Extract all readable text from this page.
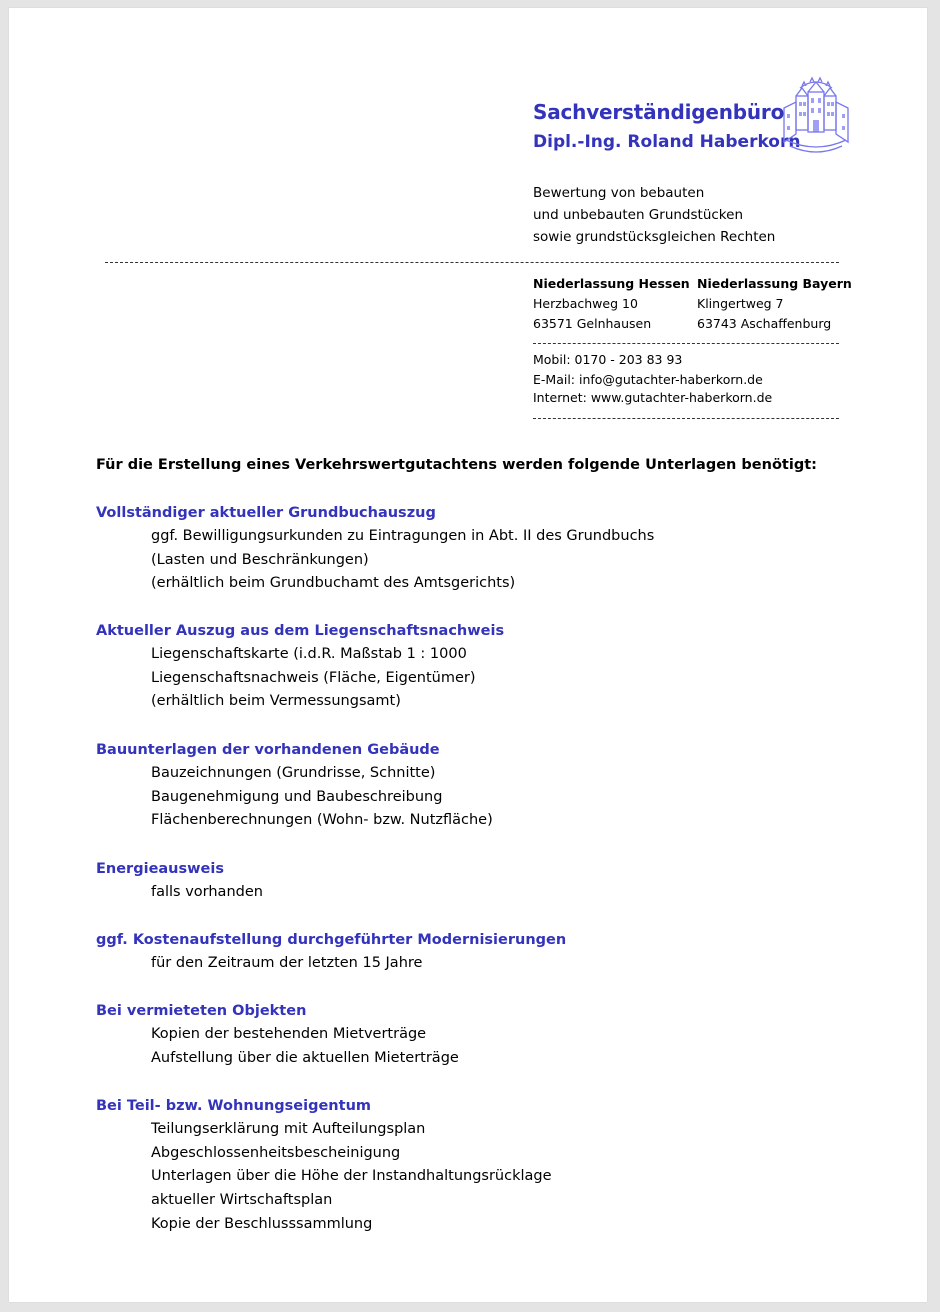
Sachverständigenbüro
Dipl.-Ing. Roland Haberkorn
Bewertung von bebauten
und unbebauten Grundstücken
sowie grundstücksgleichen Rechten
Niederlassung Hessen
Herzbachweg 10
63571 Gelnhausen
Niederlassung Bayern
Klingertweg 7
63743 Aschaffenburg
Mobil: 0170 - 203 83 93
E-Mail: info@gutachter-haberkorn.de
Internet: www.gutachter-haberkorn.de
Für die Erstellung eines Verkehrswertgutachtens werden folgende Unterlagen benötigt:
Vollständiger aktueller Grundbuchauszug
ggf. Bewilligungsurkunden zu Eintragungen in Abt. II des Grundbuchs
(Lasten und Beschränkungen)
(erhältlich beim Grundbuchamt des Amtsgerichts)
Aktueller Auszug aus dem Liegenschaftsnachweis
Liegenschaftskarte (i.d.R. Maßstab 1 : 1000
Liegenschaftsnachweis (Fläche, Eigentümer)
(erhältlich beim Vermessungsamt)
Bauunterlagen der vorhandenen Gebäude
Bauzeichnungen (Grundrisse, Schnitte)
Baugenehmigung und Baubeschreibung
Flächenberechnungen (Wohn- bzw. Nutzfläche)
Energieausweis
falls vorhanden
ggf. Kostenaufstellung durchgeführter Modernisierungen
für den Zeitraum der letzten 15 Jahre
Bei vermieteten Objekten
Kopien der bestehenden Mietverträge
Aufstellung über die aktuellen Mieterträge
Bei Teil- bzw. Wohnungseigentum
Teilungserklärung mit Aufteilungsplan
Abgeschlossenheitsbescheinigung
Unterlagen über die Höhe der Instandhaltungsrücklage
aktueller Wirtschaftsplan
Kopie der Beschlusssammlung
